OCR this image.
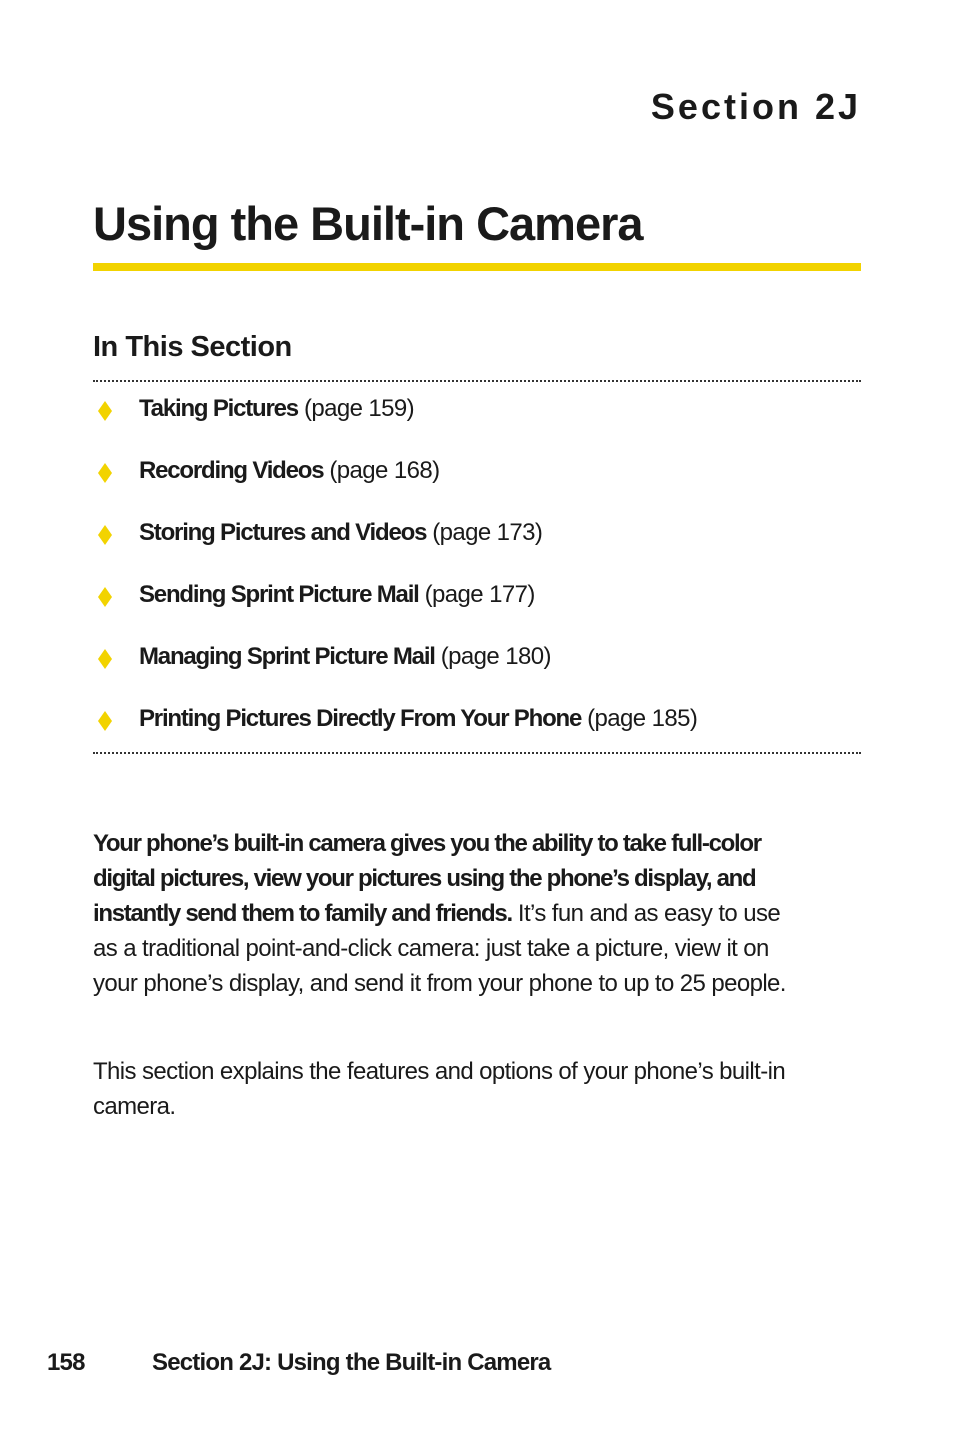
Section 2J
Using the Built-in Camera
In This Section
Taking Pictures (page 159)
Recording Videos (page 168)
Storing Pictures and Videos (page 173)
Sending Sprint Picture Mail (page 177)
Managing Sprint Picture Mail (page 180)
Printing Pictures Directly From Your Phone (page 185)

Your phone’s built-in camera gives you the ability to take full-color digital pictures, view your pictures using the phone’s display, and instantly send them to family and friends. It’s fun and as easy to use as a traditional point-and-click camera: just take a picture, view it on your phone’s display, and send it from your phone to up to 25 people.

This section explains the features and options of your phone’s built-in camera.

158	Section 2J: Using the Built-in Camera
